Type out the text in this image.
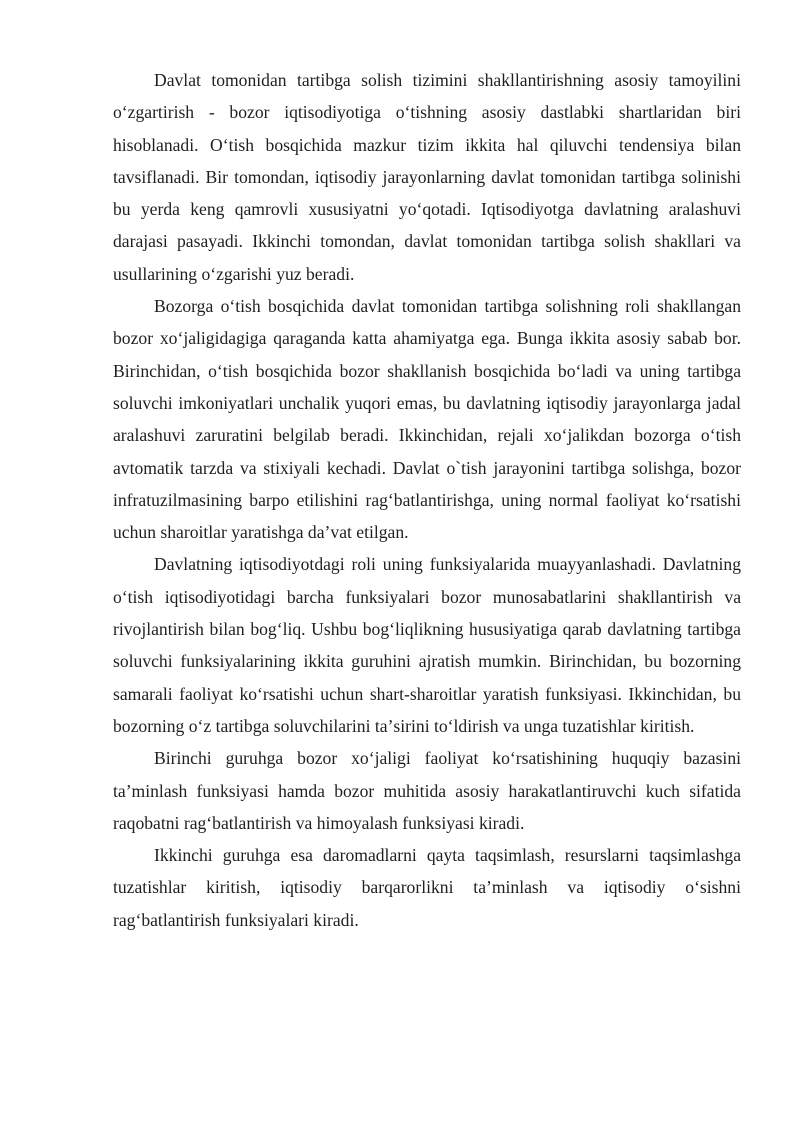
Davlat tomonidan tartibga solish tizimini shakllantirishning asosiy tamoyilini oʻzgartirish - bozor iqtisodiyotiga oʻtishning asosiy dastlabki shartlaridan biri hisoblanadi. Oʻtish bosqichida mazkur tizim ikkita hal qiluvchi tendensiya bilan tavsiflanadi. Bir tomondan, iqtisodiy jarayonlarning davlat tomonidan tartibga solinishi bu yerda keng qamrovli xususiyatni yoʻqotadi. Iqtisodiyotga davlatning aralashuvi darajasi pasayadi. Ikkinchi tomondan, davlat tomonidan tartibga solish shakllari va usullarining oʻzgarishi yuz beradi.

Bozorga oʻtish bosqichida davlat tomonidan tartibga solishning roli shakllangan bozor xoʻjaligidagiga qaraganda katta ahamiyatga ega. Bunga ikkita asosiy sabab bor. Birinchidan, oʻtish bosqichida bozor shakllanish bosqichida boʻladi va uning tartibga soluvchi imkoniyatlari unchalik yuqori emas, bu davlatning iqtisodiy jarayonlarga jadal aralashuvi zaruratini belgilab beradi. Ikkinchidan, rejali xoʻjalikdan bozorga oʻtish avtomatik tarzda va stixiyali kechadi. Davlat o`tish jarayonini tartibga solishga, bozor infratuzilmasining barpo etilishini ragʻbatlantirishga, uning normal faoliyat koʻrsatishi uchun sharoitlar yaratishga daʼvat etilgan.

Davlatning iqtisodiyotdagi roli uning funksiyalarida muayyanlashadi. Davlatning oʻtish iqtisodiyotidagi barcha funksiyalari bozor munosabatlarini shakllantirish va rivojlantirish bilan bogʻliq. Ushbu bogʻliqlikning hususiyatiga qarab davlatning tartibga soluvchi funksiyalarining ikkita guruhini ajratish mumkin. Birinchidan, bu bozorning samarali faoliyat koʻrsatishi uchun shart-sharoitlar yaratish funksiyasi. Ikkinchidan, bu bozorning oʻz tartibga soluvchilarini taʼsirini toʻldirish va unga tuzatishlar kiritish.

Birinchi guruhga bozor xoʻjaligi faoliyat koʻrsatishining huquqiy bazasini taʼminlash funksiyasi hamda bozor muhitida asosiy harakatlantiruvchi kuch sifatida raqobatni ragʻbatlantirish va himoyalash funksiyasi kiradi.

Ikkinchi guruhga esa daromadlarni qayta taqsimlash, resurslarni taqsimlashga tuzatishlar kiritish, iqtisodiy barqarorlikni taʼminlash va iqtisodiy oʻsishni ragʻbatlantirish funksiyalari kiradi.
